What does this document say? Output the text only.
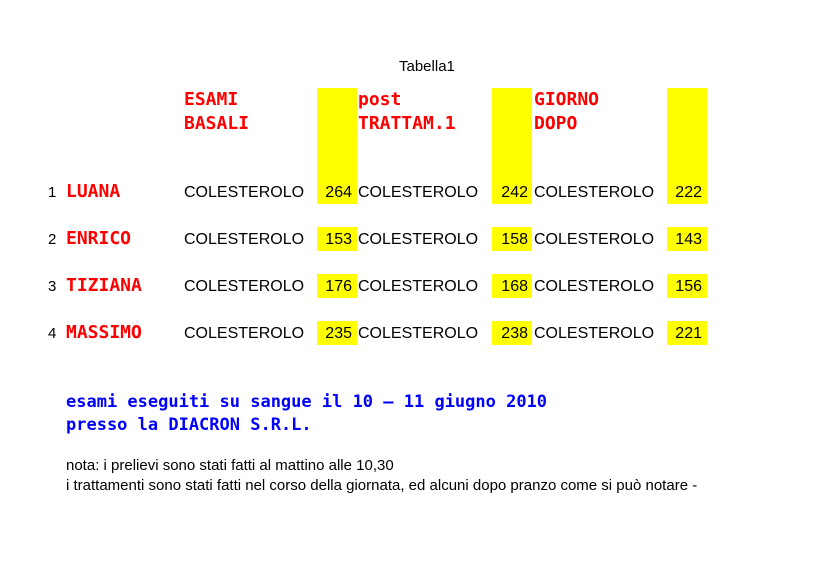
Tabella1
ESAMI
BASALI
post
TRATTAM.1
GIORNO
DOPO
1 LUANA	COLESTEROLO	264 COLESTEROLO	242 COLESTEROLO	222
2 ENRICO	COLESTEROLO	153 COLESTEROLO	158 COLESTEROLO	143
3 TIZIANA	COLESTEROLO	176 COLESTEROLO	168 COLESTEROLO	156
4 MASSIMO	COLESTEROLO	235 COLESTEROLO	238 COLESTEROLO	221
esami eseguiti su sangue il 10 – 11 giugno 2010
presso la DIACRON S.R.L.
nota: i prelievi sono stati fatti al mattino alle 10,30
i trattamenti sono stati fatti nel corso della giornata, ed alcuni dopo pranzo come si può notare -
